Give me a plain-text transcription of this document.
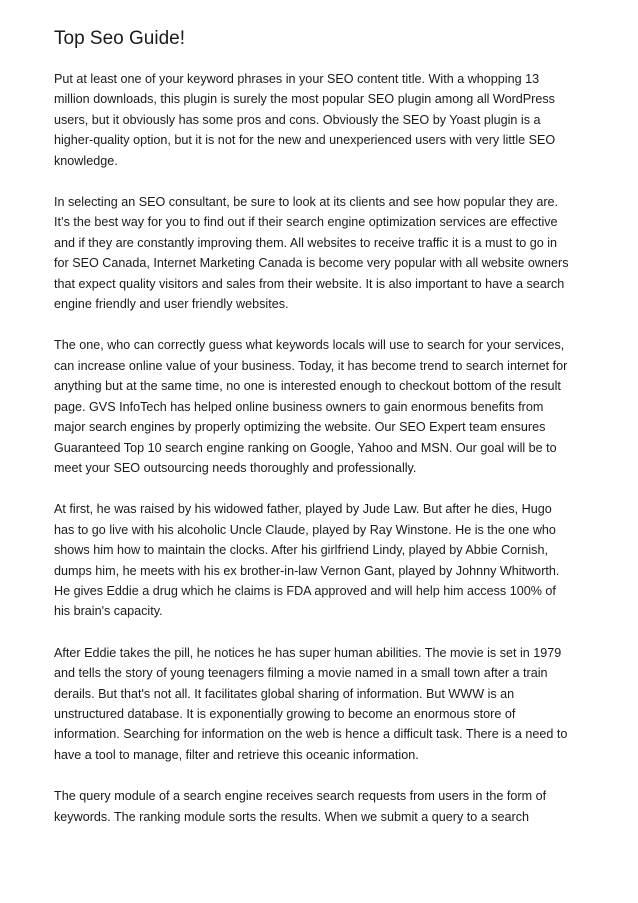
Top Seo Guide!

Put at least one of your keyword phrases in your SEO content title. With a whopping 13
million downloads, this plugin is surely the most popular SEO plugin among all WordPress
users, but it obviously has some pros and cons. Obviously the SEO by Yoast plugin is a
higher-quality option, but it is not for the new and unexperienced users with very little SEO
knowledge.

In selecting an SEO consultant, be sure to look at its clients and see how popular they are.
It’s the best way for you to find out if their search engine optimization services are effective
and if they are constantly improving them. All websites to receive traffic it is a must to go in
for SEO Canada, Internet Marketing Canada is become very popular with all website owners
that expect quality visitors and sales from their website. It is also important to have a search
engine friendly and user friendly websites.

The one, who can correctly guess what keywords locals will use to search for your services,
can increase online value of your business. Today, it has become trend to search internet for
anything but at the same time, no one is interested enough to checkout bottom of the result
page. GVS InfoTech has helped online business owners to gain enormous benefits from
major search engines by properly optimizing the website. Our SEO Expert team ensures
Guaranteed Top 10 search engine ranking on Google, Yahoo and MSN. Our goal will be to
meet your SEO outsourcing needs thoroughly and professionally.

At first, he was raised by his widowed father, played by Jude Law. But after he dies, Hugo
has to go live with his alcoholic Uncle Claude, played by Ray Winstone. He is the one who
shows him how to maintain the clocks. After his girlfriend Lindy, played by Abbie Cornish,
dumps him, he meets with his ex brother-in-law Vernon Gant, played by Johnny Whitworth.
He gives Eddie a drug which he claims is FDA approved and will help him access 100% of
his brain's capacity.

After Eddie takes the pill, he notices he has super human abilities. The movie is set in 1979
and tells the story of young teenagers filming a movie named in a small town after a train
derails. But that's not all. It facilitates global sharing of information. But WWW is an
unstructured database. It is exponentially growing to become an enormous store of
information. Searching for information on the web is hence a difficult task. There is a need to
have a tool to manage, filter and retrieve this oceanic information.

The query module of a search engine receives search requests from users in the form of
keywords. The ranking module sorts the results. When we submit a query to a search
